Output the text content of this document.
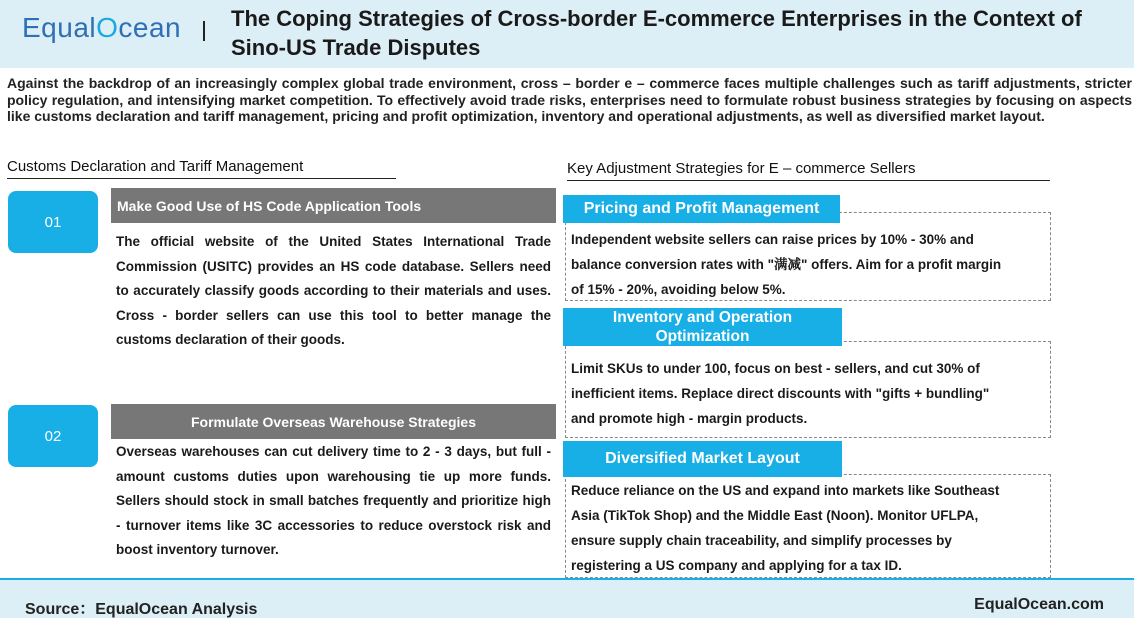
EqualOcean The Coping Strategies of Cross-border E-commerce Enterprises in the Context of Sino-US Trade Disputes
Against the backdrop of an increasingly complex global trade environment, cross – border e – commerce faces multiple challenges such as tariff adjustments, stricter policy regulation, and intensifying market competition. To effectively avoid trade risks, enterprises need to formulate robust business strategies by focusing on aspects like customs declaration and tariff management, pricing and profit optimization, inventory and operational adjustments, as well as diversified market layout.
Customs Declaration and Tariff Management
01
Make Good Use of HS Code Application Tools
The official website of the United States International Trade Commission (USITC) provides an HS code database. Sellers need to accurately classify goods according to their materials and uses. Cross - border sellers can use this tool to better manage the customs declaration of their goods.
02
Formulate Overseas Warehouse Strategies
Overseas warehouses can cut delivery time to 2 - 3 days, but full - amount customs duties upon warehousing tie up more funds. Sellers should stock in small batches frequently and prioritize high - turnover items like 3C accessories to reduce overstock risk and boost inventory turnover.
Key Adjustment Strategies for E – commerce Sellers
Pricing and Profit Management
Independent website sellers can raise prices by 10% - 30% and
balance conversion rates with "满减" offers. Aim for a profit margin
of 15% - 20%, avoiding below 5%.
Inventory and Operation
Optimization
Limit SKUs to under 100, focus on best - sellers, and cut 30% of
inefficient items. Replace direct discounts with "gifts + bundling"
and promote high - margin products.
Diversified Market Layout
Reduce reliance on the US and expand into markets like Southeast
Asia (TikTok Shop) and the Middle East (Noon). Monitor UFLPA,
ensure supply chain traceability, and simplify processes by
registering a US company and applying for a tax ID.
Source：EqualOcean Analysis	EqualOcean.com
